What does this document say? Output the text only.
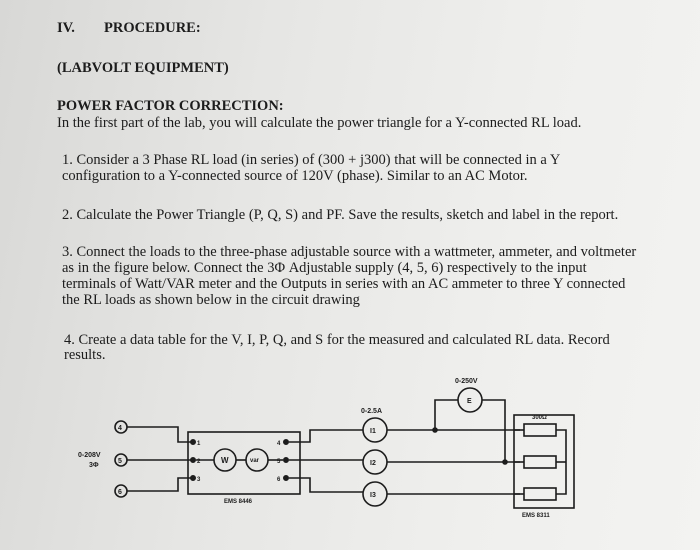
IV. PROCEDURE:
(LABVOLT EQUIPMENT)
POWER FACTOR CORRECTION:
In the first part of the lab, you will calculate the power triangle for a Y-connected RL load.
1. Consider a 3 Phase RL load (in series) of (300 + j300) that will be connected in a Y
configuration to a Y-connected source of 120V (phase). Similar to an AC Motor.
2. Calculate the Power Triangle (P, Q, S) and PF. Save the results, sketch and label in the report.
3. Connect the loads to the three-phase adjustable source with a wattmeter, ammeter, and voltmeter
as in the figure below. Connect the 3Φ Adjustable supply (4, 5, 6) respectively to the input
terminals of Watt/VAR meter and the Outputs in series with an AC ammeter to three Y connected
the RL loads as shown below in the circuit drawing
4. Create a data table for the V, I, P, Q, and S for the measured and calculated RL data. Record
results.
0-208V
3Φ
4
5
6
1
2
3
4
5
6
W	var
EMS 8446
0-2.5A
I1
I2
I3
0-250V
E
300Ω
EMS 8311
